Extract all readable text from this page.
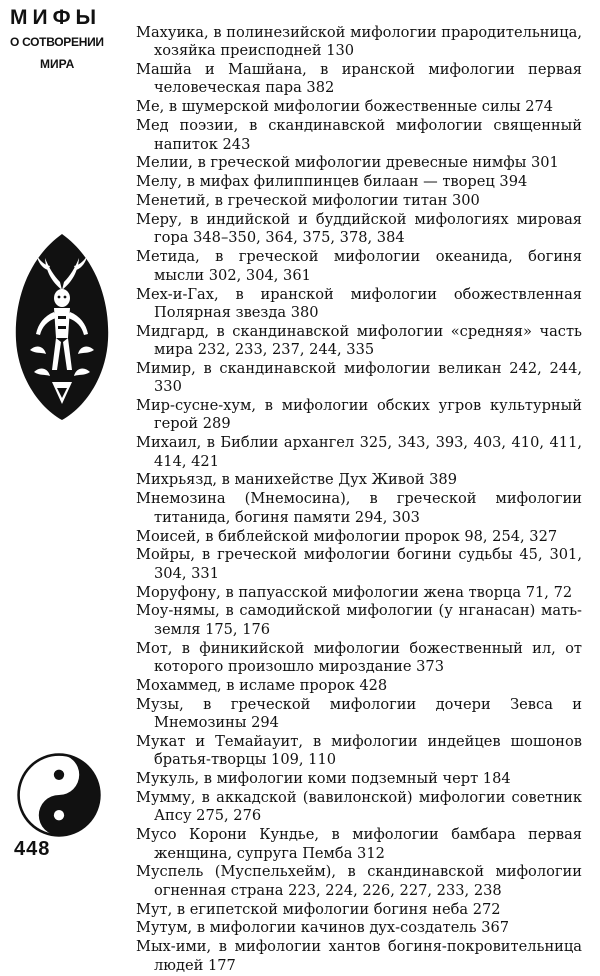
МИФЫ
О СОТВОРЕНИИ
МИРА
448
Махуика, в полинезийской мифологии прародительница, хозяйка преисподней 130
Машйа и Машйана, в иранской мифологии первая человеческая пара 382
Ме, в шумерской мифологии божественные силы 274
Мед поэзии, в скандинавской мифологии священный напиток 243
Мелии, в греческой мифологии древесные нимфы 301
Мелу, в мифах филиппинцев билаан — творец 394
Менетий, в греческой мифологии титан 300
Меру, в индийской и буддийской мифологиях мировая гора 348–350, 364, 375, 378, 384
Метида, в греческой мифологии океанида, богиня мысли 302, 304, 361
Мех-и-Гах, в иранской мифологии обожествленная Полярная звезда 380
Мидгард, в скандинавской мифологии «средняя» часть мира 232, 233, 237, 244, 335
Мимир, в скандинавской мифологии великан 242, 244, 330
Мир-сусне-хум, в мифологии обских угров культурный герой 289
Михаил, в Библии архангел 325, 343, 393, 403, 410, 411, 414, 421
Михрьязд, в манихействе Дух Живой 389
Мнемозина (Мнемосина), в греческой мифологии титанида, богиня памяти 294, 303
Моисей, в библейской мифологии пророк 98, 254, 327
Мойры, в греческой мифологии богини судьбы 45, 301, 304, 331
Моруфону, в папуасской мифологии жена творца 71, 72
Моу-нямы, в самодийской мифологии (у нганасан) мать-земля 175, 176
Мот, в финикийской мифологии божественный ил, от которого произошло мироздание 373
Мохаммед, в исламе пророк 428
Музы, в греческой мифологии дочери Зевса и Мнемозины 294
Мукат и Темайауит, в мифологии индейцев шошонов братья-творцы 109, 110
Мукуль, в мифологии коми подземный черт 184
Мумму, в аккадской (вавилонской) мифологии советник Апсу 275, 276
Мусо Корони Кундье, в мифологии бамбара первая женщина, супруга Пемба 312
Муспель (Муспельхейм), в скандинавской мифологии огненная страна 223, 224, 226, 227, 233, 238
Мут, в египетской мифологии богиня неба 272
Мутум, в мифологии качинов дух-создатель 367
Мых-ими, в мифологии хантов богиня-покровительница людей 177
